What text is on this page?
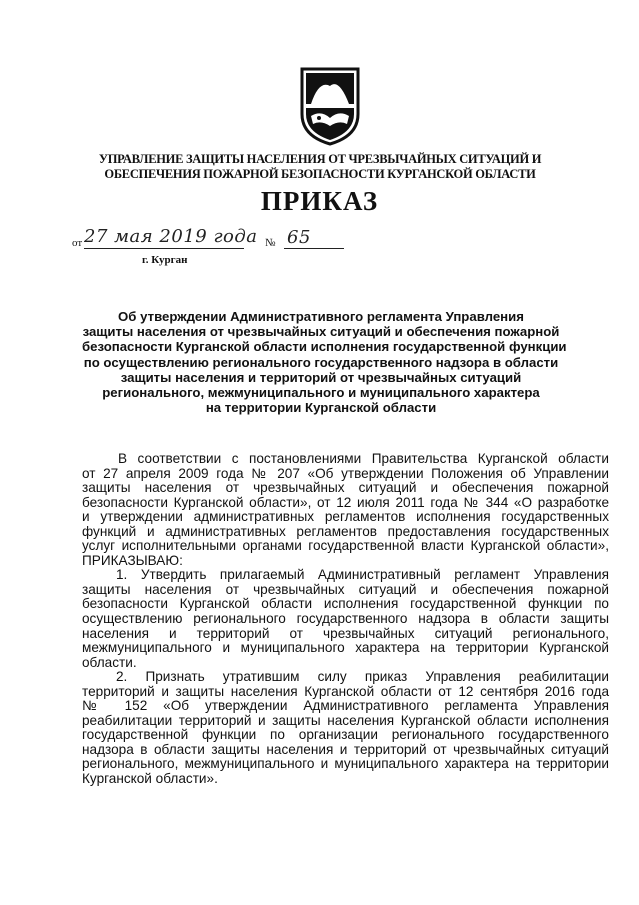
УПРАВЛЕНИЕ ЗАЩИТЫ НАСЕЛЕНИЯ ОТ ЧРЕЗВЫЧАЙНЫХ СИТУАЦИЙ И
ОБЕСПЕЧЕНИЯ ПОЖАРНОЙ БЕЗОПАСНОСТИ КУРГАНСКОЙ ОБЛАСТИ
ПРИКАЗ
от 27 мая 2019 года № 65
г. Курган
Об утверждении Административного регламента Управления
защиты населения от чрезвычайных ситуаций и обеспечения пожарной
безопасности Курганской области исполнения государственной функции
по осуществлению регионального государственного надзора в области
защиты населения и территорий от чрезвычайных ситуаций
регионального, межмуниципального и муниципального характера
на территории Курганской области
В соответствии с постановлениями Правительства Курганской области
от 27 апреля 2009 года № 207 «Об утверждении Положения об Управлении
защиты населения от чрезвычайных ситуаций и обеспечения пожарной
безопасности Курганской области», от 12 июля 2011 года № 344 «О разработке
и утверждении административных регламентов исполнения государственных
функций и административных регламентов предоставления государственных
услуг исполнительными органами государственной власти Курганской области»,
ПРИКАЗЫВАЮ:
1. Утвердить прилагаемый Административный регламент Управления
защиты населения от чрезвычайных ситуаций и обеспечения пожарной
безопасности Курганской области исполнения государственной функции по
осуществлению регионального государственного надзора в области защиты
населения и территорий от чрезвычайных ситуаций регионального,
межмуниципального и муниципального характера на территории Курганской
области.
2. Признать утратившим силу приказ Управления реабилитации
территорий и защиты населения Курганской области от 12 сентября 2016 года
№ 152 «Об утверждении Административного регламента Управления
реабилитации территорий и защиты населения Курганской области исполнения
государственной функции по организации регионального государственного
надзора в области защиты населения и территорий от чрезвычайных ситуаций
регионального, межмуниципального и муниципального характера на территории
Курганской области».
